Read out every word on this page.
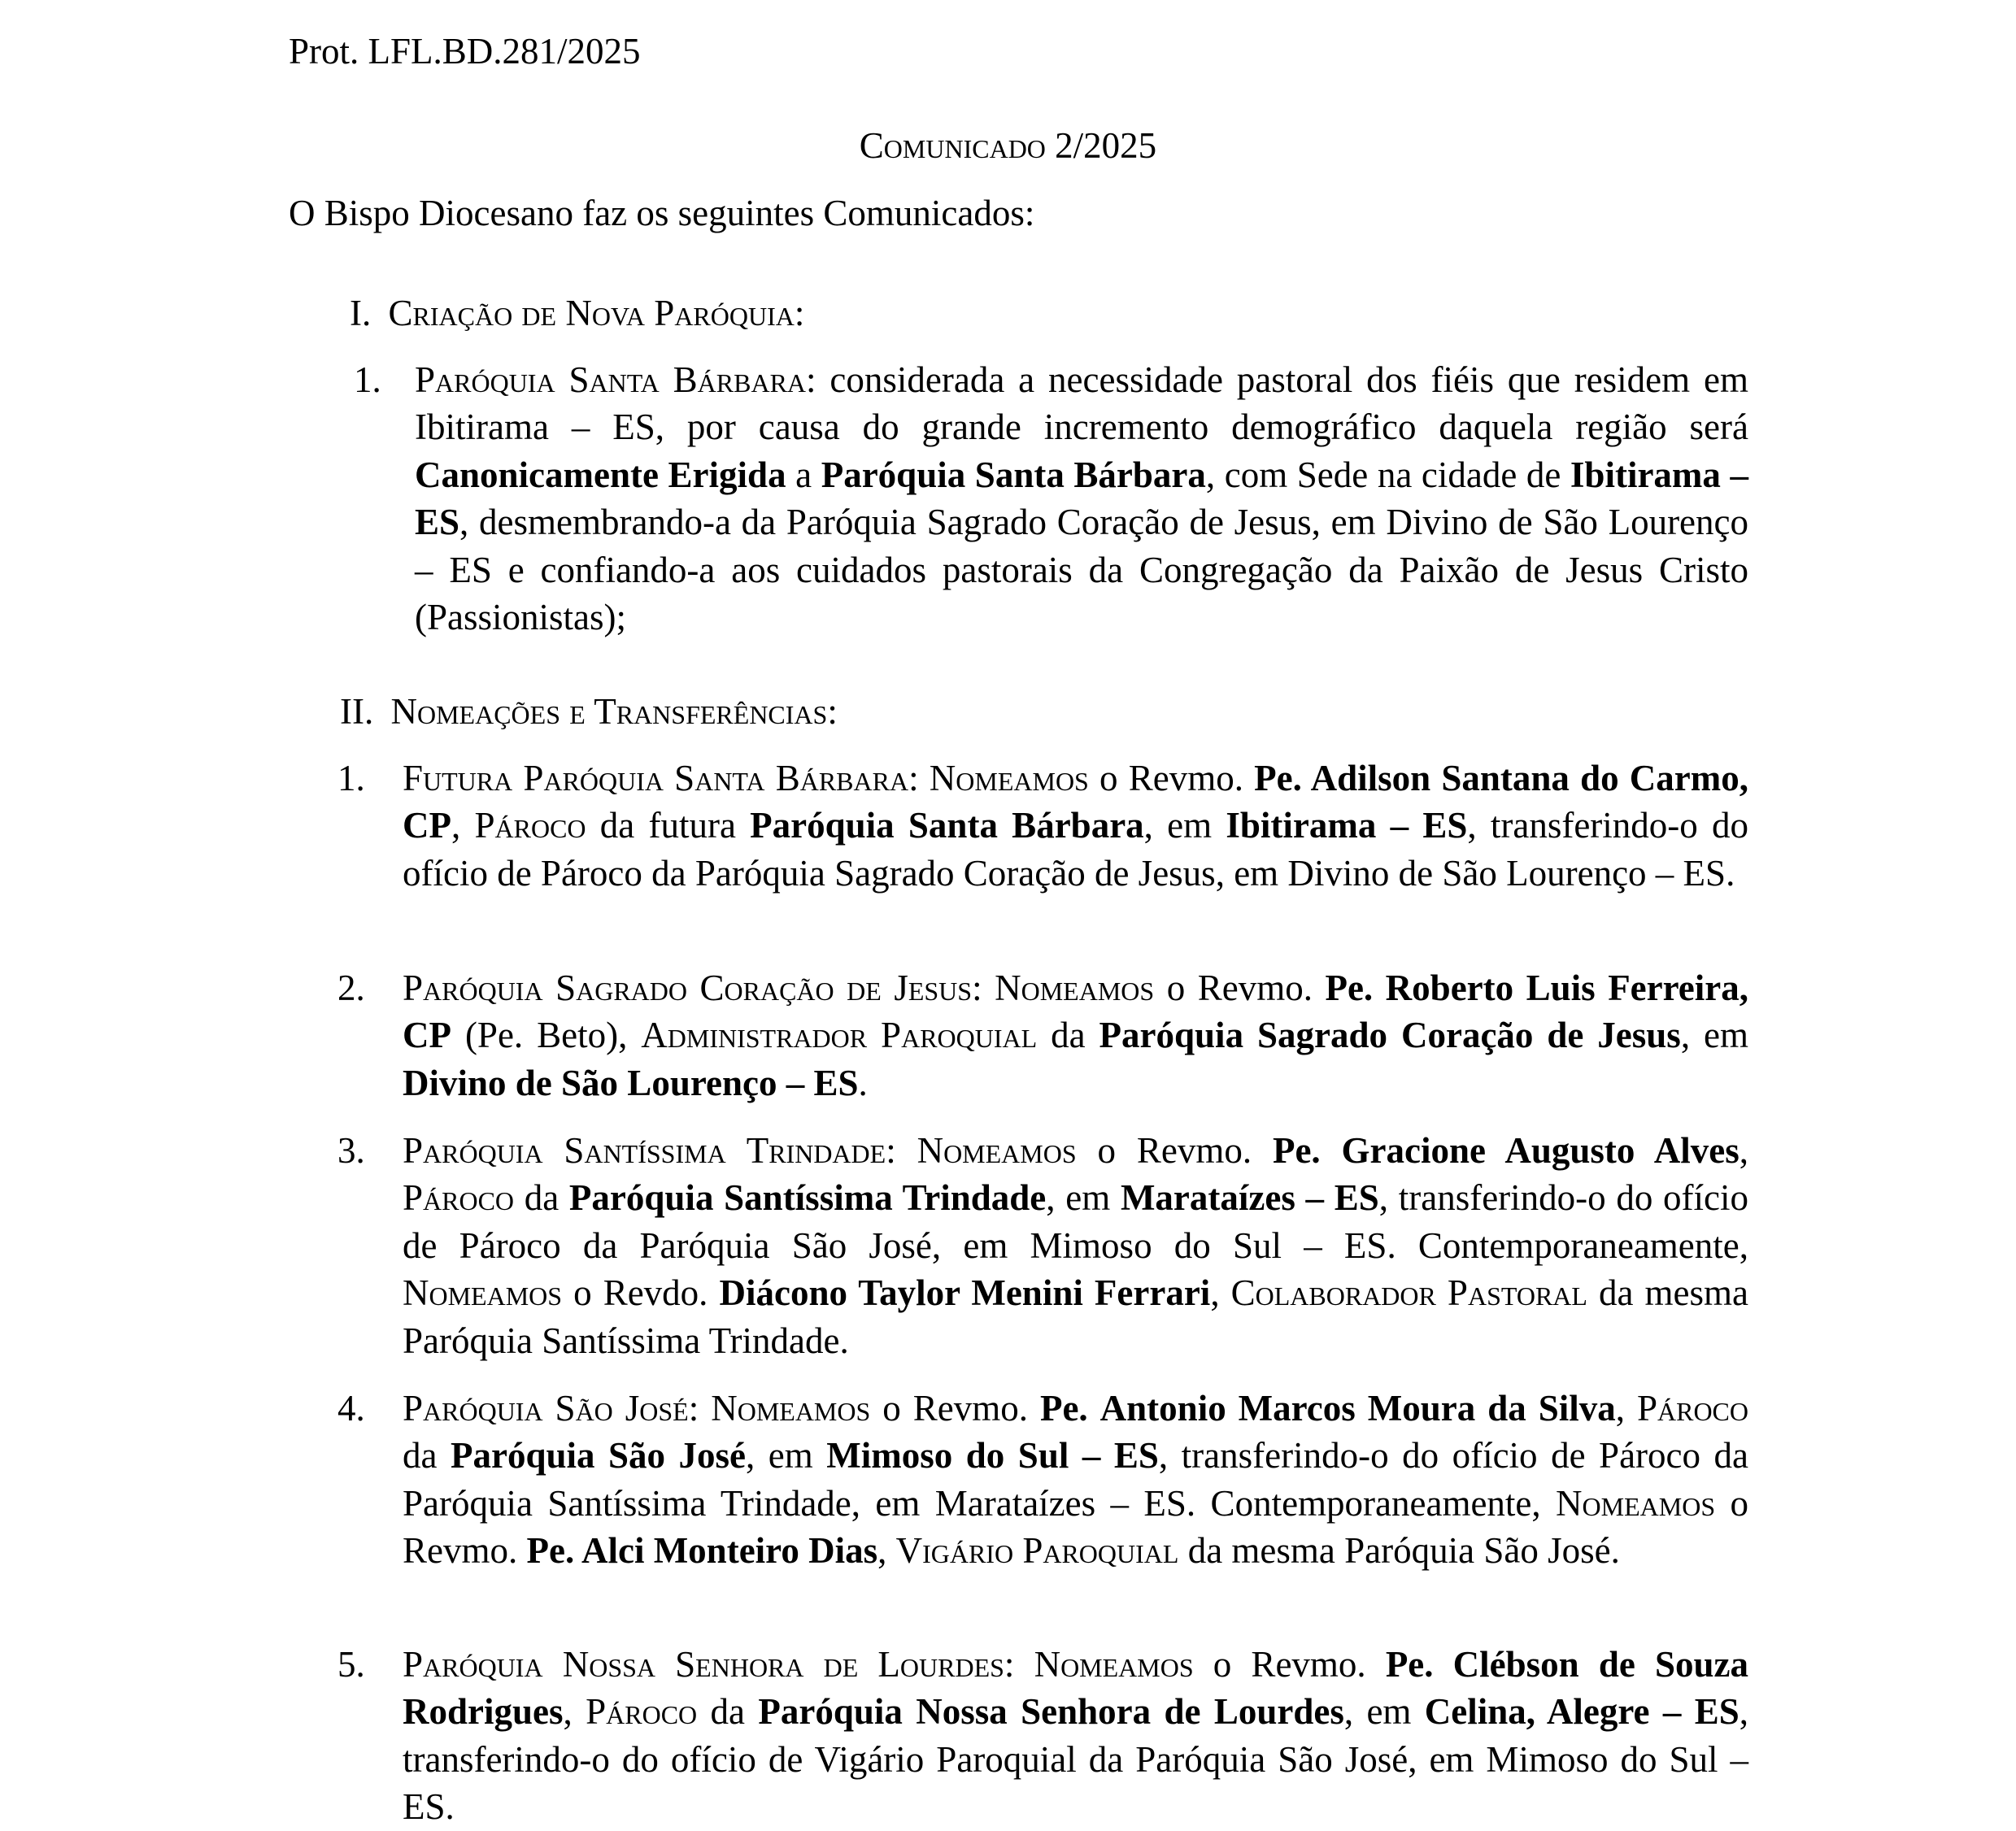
Prot. LFL.BD.281/2025
Comunicado 2/2025
O Bispo Diocesano faz os seguintes Comunicados:
I. Criação de Nova Paróquia:
1. Paróquia Santa Bárbara: considerada a necessidade pastoral dos fiéis que residem em Ibitirama – ES, por causa do grande incremento demográfico daquela região será Canonicamente Erigida a Paróquia Santa Bárbara, com Sede na cidade de Ibitirama – ES, desmembrando-a da Paróquia Sagrado Coração de Jesus, em Divino de São Lourenço – ES e confiando-a aos cuidados pastorais da Congregação da Paixão de Jesus Cristo (Passionistas);
II. Nomeações e Transferências:
1. Futura Paróquia Santa Bárbara: Nomeamos o Revmo. Pe. Adilson Santana do Carmo, CP, Pároco da futura Paróquia Santa Bárbara, em Ibitirama – ES, transferindo-o do ofício de Pároco da Paróquia Sagrado Coração de Jesus, em Divino de São Lourenço – ES.
2. Paróquia Sagrado Coração de Jesus: Nomeamos o Revmo. Pe. Roberto Luis Ferreira, CP (Pe. Beto), Administrador Paroquial da Paróquia Sagrado Coração de Jesus, em Divino de São Lourenço – ES.
3. Paróquia Santíssima Trindade: Nomeamos o Revmo. Pe. Gracione Augusto Alves, Pároco da Paróquia Santíssima Trindade, em Marataízes – ES, transferindo-o do ofício de Pároco da Paróquia São José, em Mimoso do Sul – ES. Contemporaneamente, Nomeamos o Revdo. Diácono Taylor Menini Ferrari, Colaborador Pastoral da mesma Paróquia Santíssima Trindade.
4. Paróquia São José: Nomeamos o Revmo. Pe. Antonio Marcos Moura da Silva, Pároco da Paróquia São José, em Mimoso do Sul – ES, transferindo-o do ofício de Pároco da Paróquia Santíssima Trindade, em Marataízes – ES. Contemporaneamente, Nomeamos o Revmo. Pe. Alci Monteiro Dias, Vigário Paroquial da mesma Paróquia São José.
5. Paróquia Nossa Senhora de Lourdes: Nomeamos o Revmo. Pe. Clébson de Souza Rodrigues, Pároco da Paróquia Nossa Senhora de Lourdes, em Celina, Alegre – ES, transferindo-o do ofício de Vigário Paroquial da Paróquia São José, em Mimoso do Sul – ES.
